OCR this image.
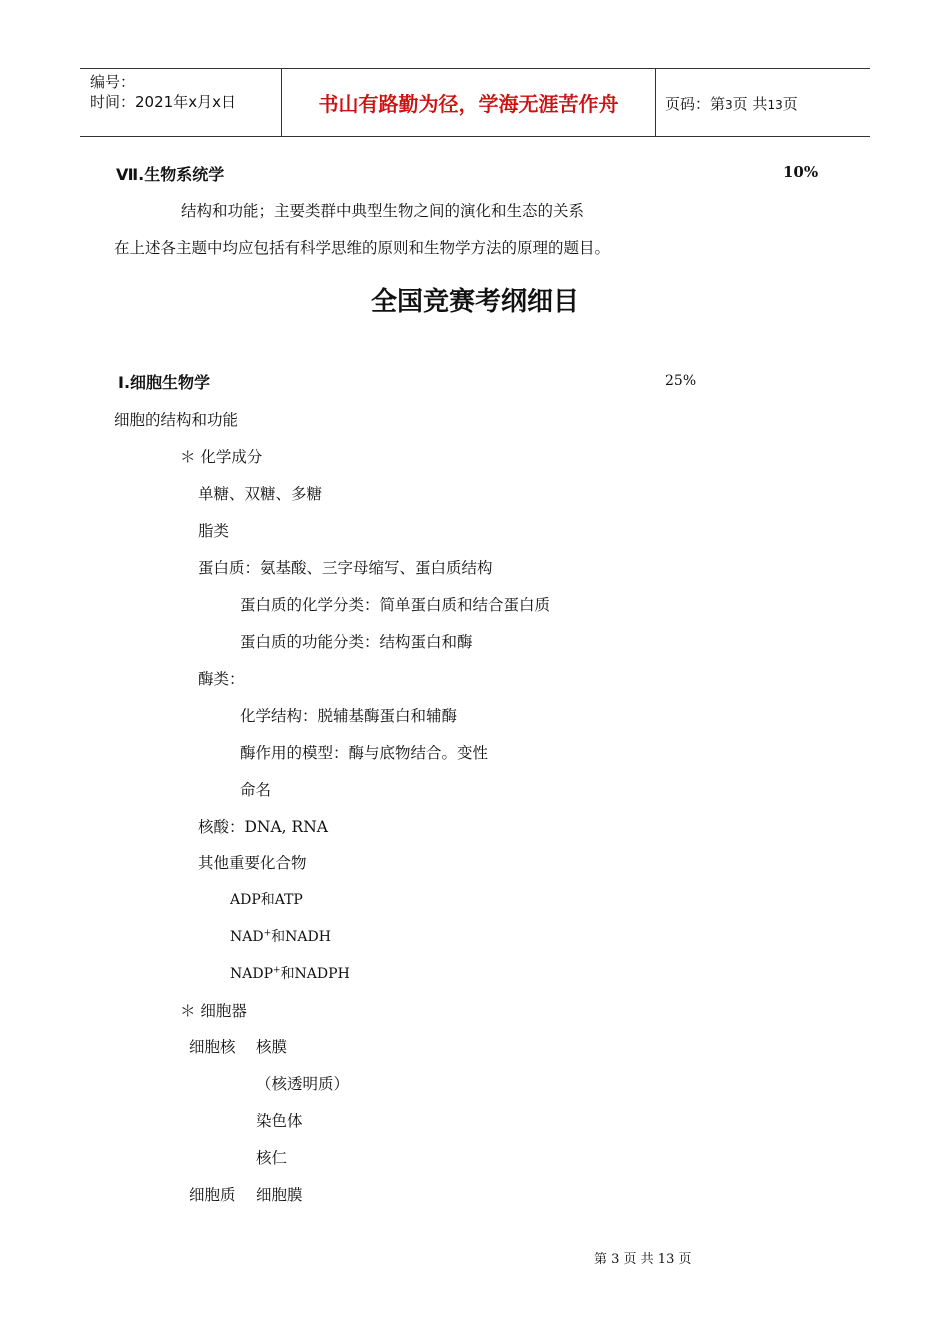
编号：
时间：2021年x月x日	书山有路勤为径，学海无涯苦作舟	页码：第3页 共13页
Ⅶ.生物系统学	10%
结构和功能；主要类群中典型生物之间的演化和生态的关系
在上述各主题中均应包括有科学思维的原则和生物学方法的原理的题目。
全国竞赛考纲细目
Ⅰ.细胞生物学	25%
细胞的结构和功能
＊ 化学成分
单糖、双糖、多糖
脂类
蛋白质：氨基酸、三字母缩写、蛋白质结构
蛋白质的化学分类：简单蛋白质和结合蛋白质
蛋白质的功能分类：结构蛋白和酶
酶类：
化学结构：脱辅基酶蛋白和辅酶
酶作用的模型：酶与底物结合。变性
命名
核酸：DNA, RNA
其他重要化合物
ADP和ATP
NAD+和NADH
NADP+和NADPH
＊ 细胞器
细胞核 核膜
（核透明质）
染色体
核仁
细胞质 细胞膜
第 3 页 共 13 页
